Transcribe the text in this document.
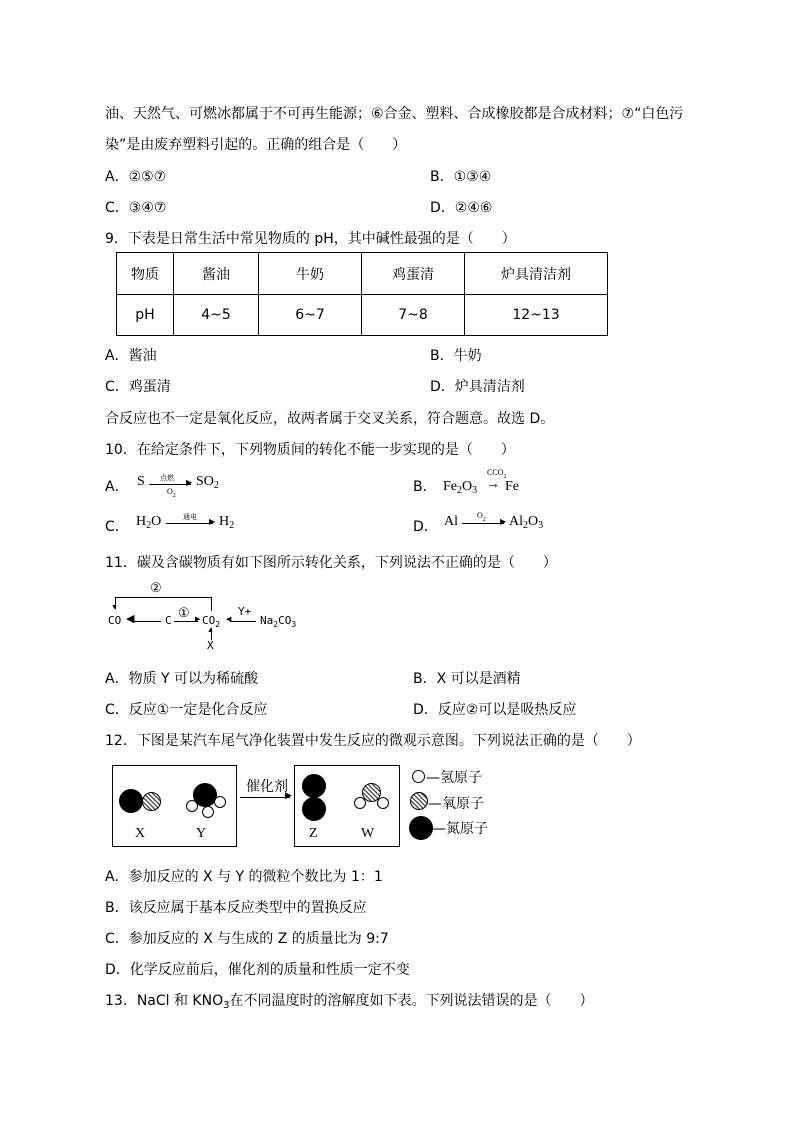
油、天然气、可燃冰都属于不可再生能源；⑥合金、塑料、合成橡胶都是合成材料；⑦“白色污
染”是由废弃塑料引起的。正确的组合是（　　）
A．②⑤⑦	B．①③④
C．③④⑦	D．②④⑥
9．下表是日常生活中常见物质的 pH，其中碱性最强的是（　　）
物质	酱油	牛奶	鸡蛋清	炉具清洁剂
pH	4~5	6~7	7~8	12~13
A．酱油	B．牛奶
C．鸡蛋清	D．炉具清洁剂
合反应也不一定是氧化反应，故两者属于交叉关系，符合题意。故选 D。
10．在给定条件下，下列物质间的转化不能一步实现的是（　　）
A． S	▶
点燃
$O_2$
$SO_2$	B． $Fe_2O_3$
$CCO_2$
→ Fe
C． $H_2O$	▶
通电 $H_2$	D． Al	▶
$O_2$ $Al_2O_3$
11．碳及含碳物质有如下图所示转化关系，下列说法不正确的是（　　）
②
▼
CO ◀	C	▶
①
$CO_2$
◀
Y+
$Na_2CO_3$
▲
X
A．物质 Y 可以为稀硫酸	B．X 可以是酒精
C．反应①一定是化合反应	D．反应②可以是吸热反应
12．下图是某汽车尾气净化装置中发生反应的微观示意图。下列说法正确的是（　　）
X	Y
催化剂
▶
Z	W
—氢原子
—氧原子
—氮原子
A．参加反应的 X 与 Y 的微粒个数比为 1：1
B．该反应属于基本反应类型中的置换反应
C．参加反应的 X 与生成的 Z 的质量比为 9:7
D．化学反应前后，催化剂的质量和性质一定不变
13．NaCl 和 $KNO_3$在不同温度时的溶解度如下表。下列说法错误的是（　　）
